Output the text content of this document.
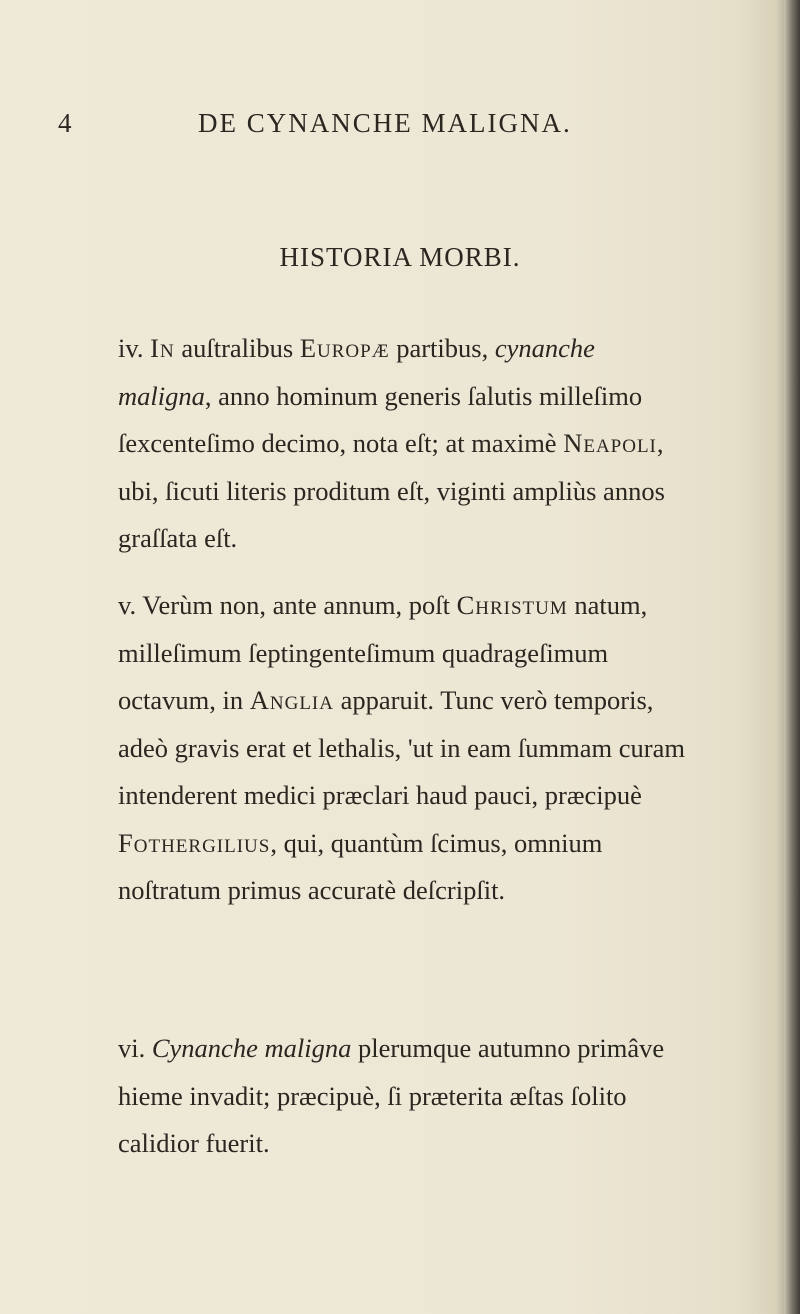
4	DE CYNANCHE MALIGNA.
HISTORIA MORBI.

iv. In auſtralibus Europæ partibus, cynanche maligna, anno hominum generis ſalutis milleſimo ſexcenteſimo decimo, nota eſt; at maximè Neapoli, ubi, ſicuti literis proditum eſt, viginti ampliùs annos graſſata eſt.

v. Verùm non, ante annum, poſt Christum natum, milleſimum ſeptingenteſimum quadrageſimum octavum, in Anglia apparuit. Tunc verò temporis, adeò gravis erat et lethalis, 'ut in eam ſummam curam intenderent medici præclari haud pauci, præcipuè Fothergilius, qui, quantùm ſcimus, omnium noſtratum primus accuratè deſcripſit.

vi. Cynanche maligna plerumque autumno primâve hieme invadit; præcipuè, ſi præterita æſtas ſolito calidior fuerit.
